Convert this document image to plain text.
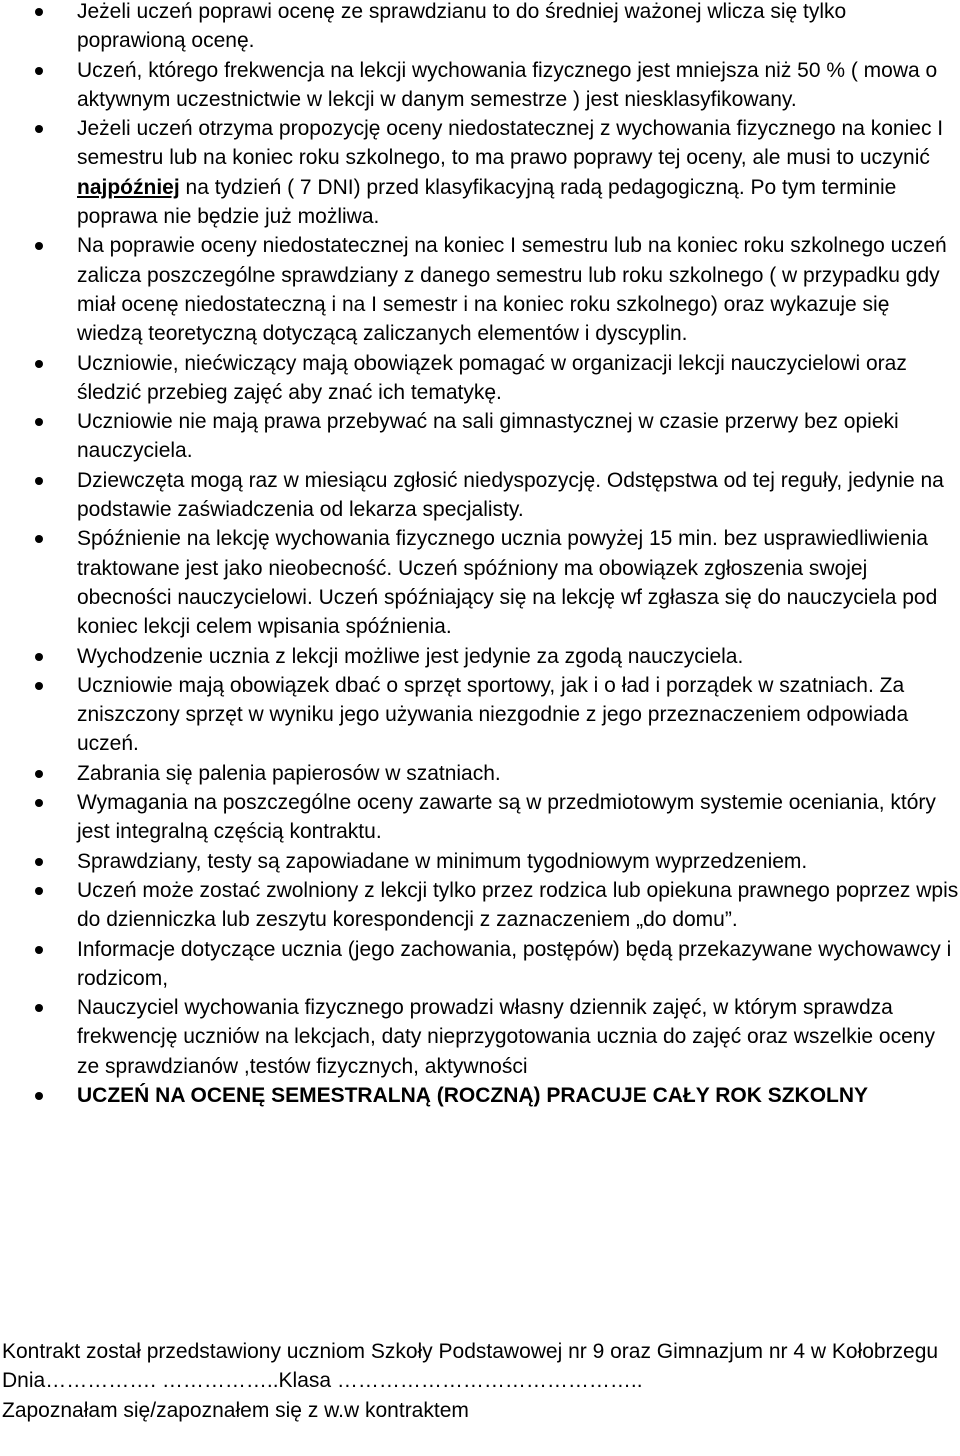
Jeżeli uczeń poprawi ocenę ze sprawdzianu to do średniej ważonej wlicza się tylko poprawioną ocenę.
Uczeń, którego frekwencja na lekcji wychowania fizycznego jest mniejsza niż 50 % ( mowa o aktywnym uczestnictwie w lekcji w danym semestrze ) jest niesklasyfikowany.
Jeżeli uczeń otrzyma propozycję oceny niedostatecznej z wychowania fizycznego na koniec I semestru lub na koniec roku szkolnego, to ma prawo poprawy tej oceny, ale musi to uczynić najpóźniej na tydzień ( 7 DNI) przed klasyfikacyjną radą pedagogiczną. Po tym terminie poprawa nie będzie już możliwa.
Na poprawie oceny niedostatecznej na koniec I semestru lub na koniec roku szkolnego uczeń zalicza poszczególne sprawdziany z danego semestru lub roku szkolnego ( w przypadku gdy miał ocenę niedostateczną i na I semestr i na koniec roku szkolnego) oraz wykazuje się wiedzą teoretyczną dotyczącą zaliczanych elementów i dyscyplin.
Uczniowie, niećwiczący mają obowiązek pomagać w organizacji lekcji nauczycielowi oraz śledzić przebieg zajęć aby znać ich tematykę.
Uczniowie nie mają prawa przebywać na sali gimnastycznej w czasie przerwy bez opieki nauczyciela.
Dziewczęta mogą raz w miesiącu zgłosić niedyspozycję. Odstępstwa od tej reguły, jedynie na podstawie zaświadczenia od lekarza specjalisty.
Spóźnienie na lekcję wychowania fizycznego ucznia powyżej 15 min. bez usprawiedliwienia traktowane jest jako nieobecność. Uczeń spóźniony ma obowiązek zgłoszenia swojej obecności nauczycielowi. Uczeń spóźniający się na lekcję wf zgłasza się do nauczyciela pod koniec lekcji celem wpisania spóźnienia.
Wychodzenie ucznia z lekcji możliwe jest jedynie za zgodą nauczyciela.
Uczniowie mają obowiązek dbać o sprzęt sportowy, jak i o ład i porządek w szatniach. Za zniszczony sprzęt w wyniku jego używania niezgodnie z jego przeznaczeniem odpowiada uczeń.
Zabrania się palenia papierosów w szatniach.
Wymagania na poszczególne oceny zawarte są w przedmiotowym systemie oceniania, który jest integralną częścią kontraktu.
Sprawdziany, testy są zapowiadane w minimum tygodniowym wyprzedzeniem.
Uczeń może zostać zwolniony z lekcji tylko przez rodzica lub opiekuna prawnego poprzez wpis do dzienniczka lub zeszytu korespondencji z zaznaczeniem „do domu”.
Informacje dotyczące ucznia (jego zachowania, postępów) będą przekazywane wychowawcy i rodzicom,
Nauczyciel wychowania fizycznego prowadzi własny dziennik zajęć, w którym sprawdza frekwencję uczniów na lekcjach, daty nieprzygotowania ucznia do zajęć oraz wszelkie oceny ze sprawdzianów ,testów fizycznych, aktywności
UCZEŃ NA OCENĘ SEMESTRALNĄ (ROCZNĄ) PRACUJE CAŁY ROK SZKOLNY

Kontrakt został przedstawiony uczniom Szkoły Podstawowej nr 9 oraz Gimnazjum nr 4 w Kołobrzegu

Dnia……………. ……………..Klasa ……………………………………..

Zapoznałam się/zapoznałem się z w.w kontraktem
